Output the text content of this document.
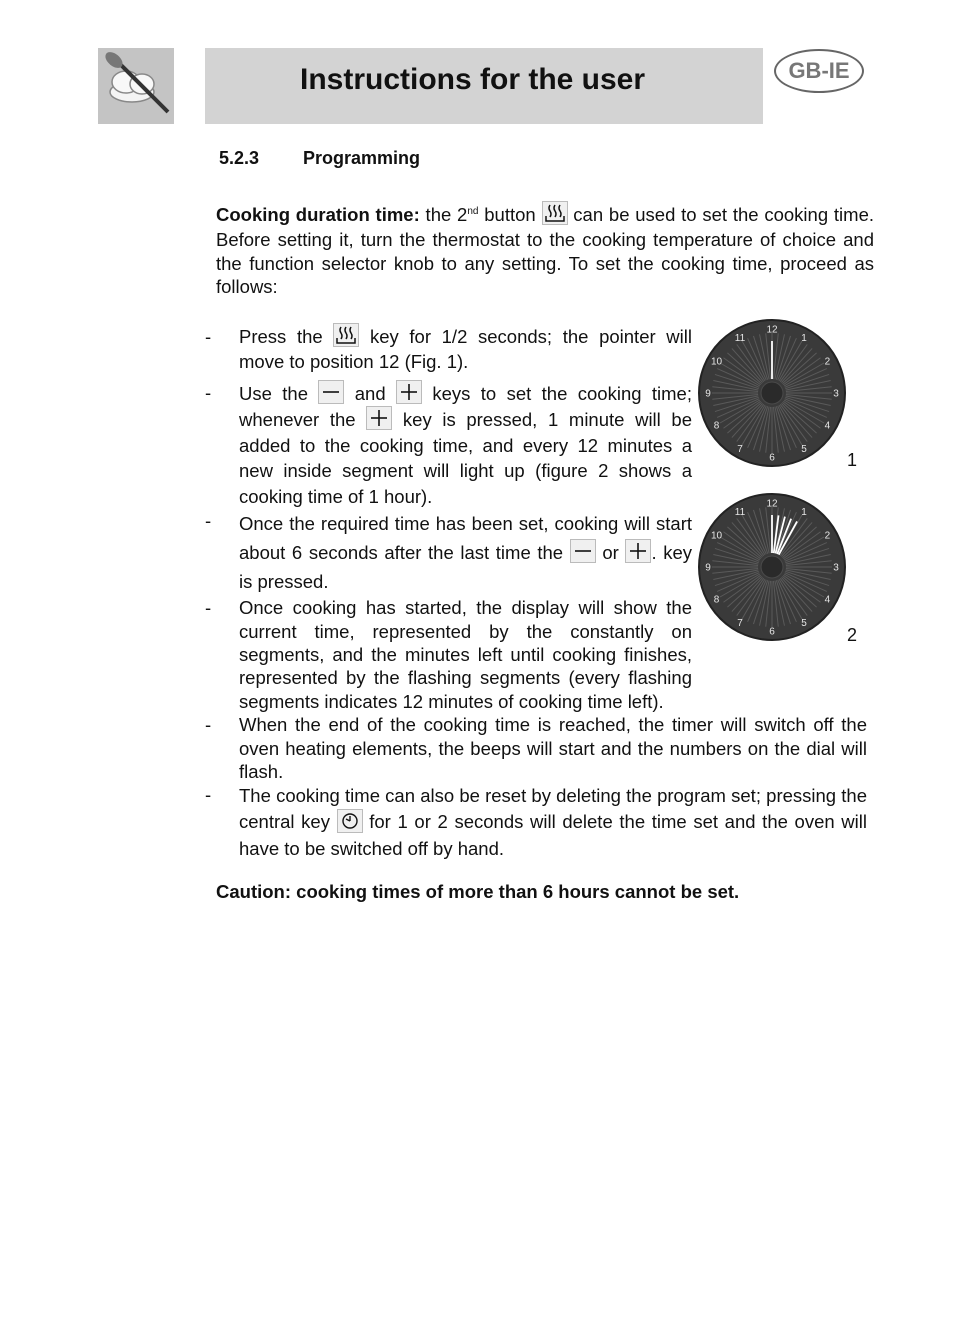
Instructions for the user	GB-IE
5.2.3 Programming

Cooking duration time: the 2nd button
can be used to set the cooking time. Before setting it, turn the thermostat to the cooking temperature of choice and the function selector knob to any setting. To set the cooking time, proceed as follows:

- Press the
key for 1/2 seconds; the pointer will move to position 12 (Fig. 1).

- Use the
and
keys to set the cooking time; whenever the
key is pressed, 1 minute will be added to the cooking time, and every 12 minutes a new inside segment will light up (figure 2 shows a cooking time of 1 hour).

- Once the required time has been set, cooking will start about 6 seconds after the last time the
or
. key is pressed.

- Once cooking has started, the display will show the current time, represented by the constantly on segments, and the minutes left until cooking finishes, represented by the flashing segments (every flashing segments indicates 12 minutes of cooking time left).

- When the end of the cooking time is reached, the timer will switch off the oven heating elements, the beeps will start and the numbers on the dial will flash.

- The cooking time can also be reset by deleting the program set; pressing the central key
for 1 or 2 seconds will delete the time set and the oven will have to be switched off by hand.

Caution: cooking times of more than 6 hours cannot be set.

12
1
2
3
4
5
6
7
8
9
10
11
1
12
1
2
3
4
5
6
7
8
9
10
11
2
